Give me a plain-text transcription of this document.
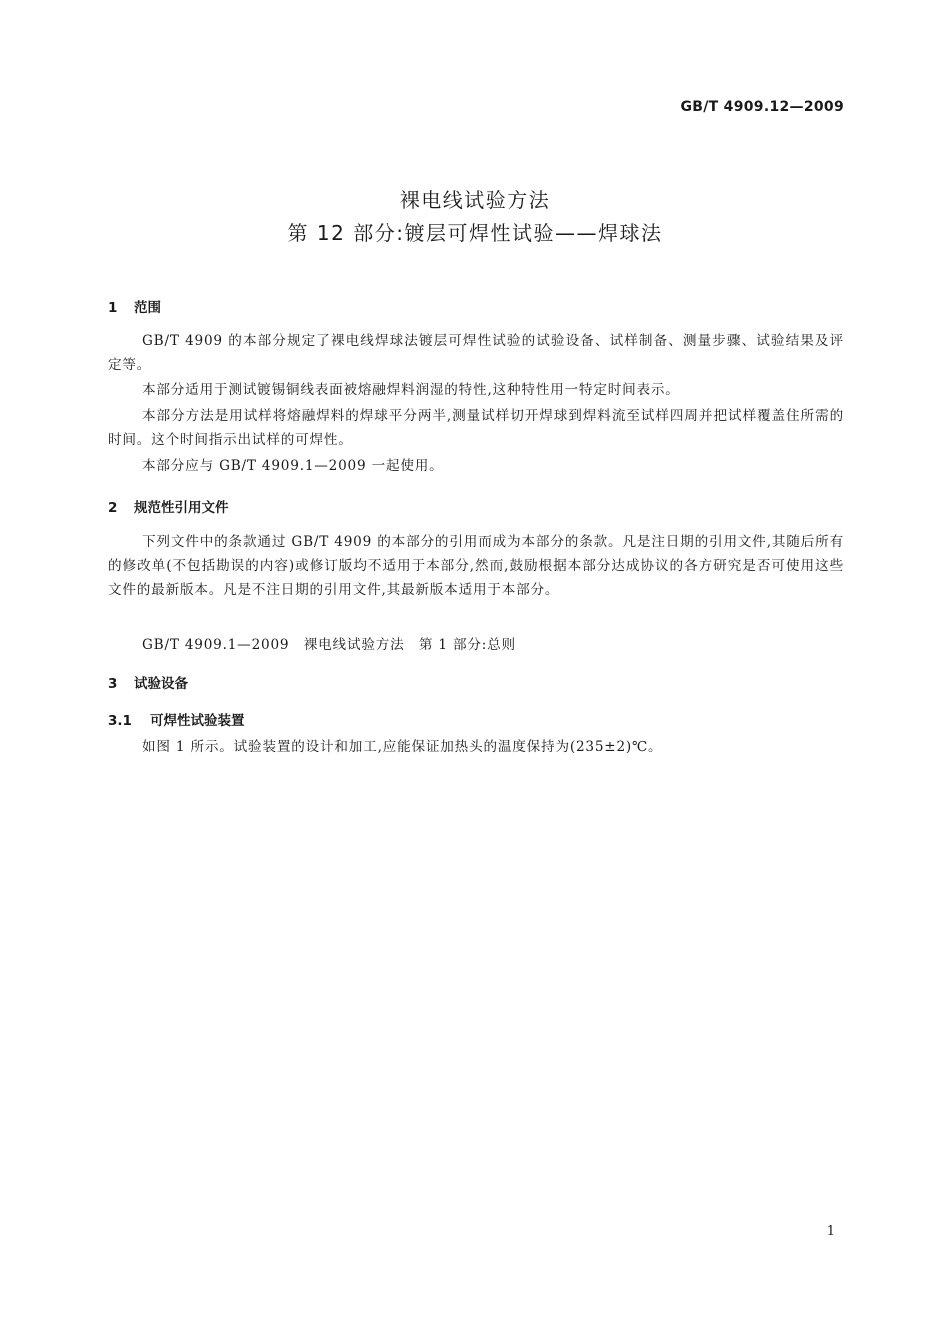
GB/T 4909.12—2009
裸电线试验方法
第 12 部分:镀层可焊性试验——焊球法
1 范围
GB/T 4909 的本部分规定了裸电线焊球法镀层可焊性试验的试验设备、试样制备、测量步骤、试验结果及评定等。
本部分适用于测试镀锡铜线表面被熔融焊料润湿的特性,这种特性用一特定时间表示。
本部分方法是用试样将熔融焊料的焊球平分两半,测量试样切开焊球到焊料流至试样四周并把试样覆盖住所需的时间。这个时间指示出试样的可焊性。
本部分应与 GB/T 4909.1—2009 一起使用。
2 规范性引用文件
下列文件中的条款通过 GB/T 4909 的本部分的引用而成为本部分的条款。凡是注日期的引用文件,其随后所有的修改单(不包括勘误的内容)或修订版均不适用于本部分,然而,鼓励根据本部分达成协议的各方研究是否可使用这些文件的最新版本。凡是不注日期的引用文件,其最新版本适用于本部分。
GB/T 4909.1—2009　裸电线试验方法　第 1 部分:总则
3 试验设备
3.1 可焊性试验装置
如图 1 所示。试验装置的设计和加工,应能保证加热头的温度保持为(235±2)℃。
1
